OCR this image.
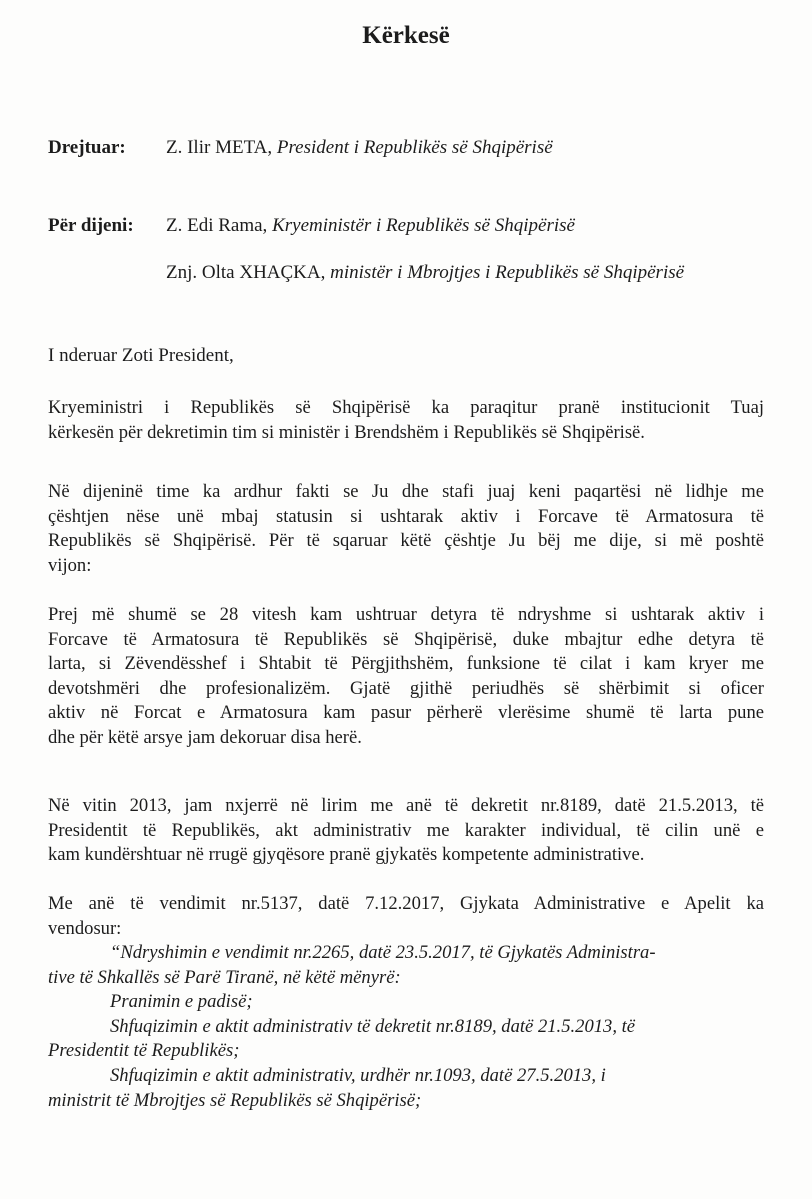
Kërkesë
Drejtuar: Z. Ilir META, President i Republikës së Shqipërisë
Për dijeni: Z. Edi Rama, Kryeministër i Republikës së Shqipërisë
Znj. Olta XHAÇKA, ministër i Mbrojtjes i Republikës së Shqipërisë
I nderuar Zoti President,
Kryeministri i Republikës së Shqipërisë ka paraqitur pranë institucionit Tuaj
kërkesën për dekretimin tim si ministër i Brendshëm i Republikës së Shqipërisë.
Në dijeninë time ka ardhur fakti se Ju dhe stafi juaj keni paqartësi në lidhje me
çështjen nëse unë mbaj statusin si ushtarak aktiv i Forcave të Armatosura të
Republikës së Shqipërisë. Për të sqaruar këtë çështje Ju bëj me dije, si më poshtë
vijon:
Prej më shumë se 28 vitesh kam ushtruar detyra të ndryshme si ushtarak aktiv i
Forcave të Armatosura të Republikës së Shqipërisë, duke mbajtur edhe detyra të
larta, si Zëvendësshef i Shtabit të Përgjithshëm, funksione të cilat i kam kryer me
devotshmëri dhe profesionalizëm. Gjatë gjithë periudhës së shërbimit si oficer
aktiv në Forcat e Armatosura kam pasur përherë vlerësime shumë të larta pune
dhe për këtë arsye jam dekoruar disa herë.
Në vitin 2013, jam nxjerrë në lirim me anë të dekretit nr.8189, datë 21.5.2013, të
Presidentit të Republikës, akt administrativ me karakter individual, të cilin unë e
kam kundërshtuar në rrugë gjyqësore pranë gjykatës kompetente administrative.
Me anë të vendimit nr.5137, datë 7.12.2017, Gjykata Administrative e Apelit ka
vendosur:
“Ndryshimin e vendimit nr.2265, datë 23.5.2017, të Gjykatës Administra-
tive të Shkallës së Parë Tiranë, në këtë mënyrë:
Pranimin e padisë;
Shfuqizimin e aktit administrativ të dekretit nr.8189, datë 21.5.2013, të
Presidentit të Republikës;
Shfuqizimin e aktit administrativ, urdhër nr.1093, datë 27.5.2013, i
ministrit të Mbrojtjes së Republikës së Shqipërisë;
